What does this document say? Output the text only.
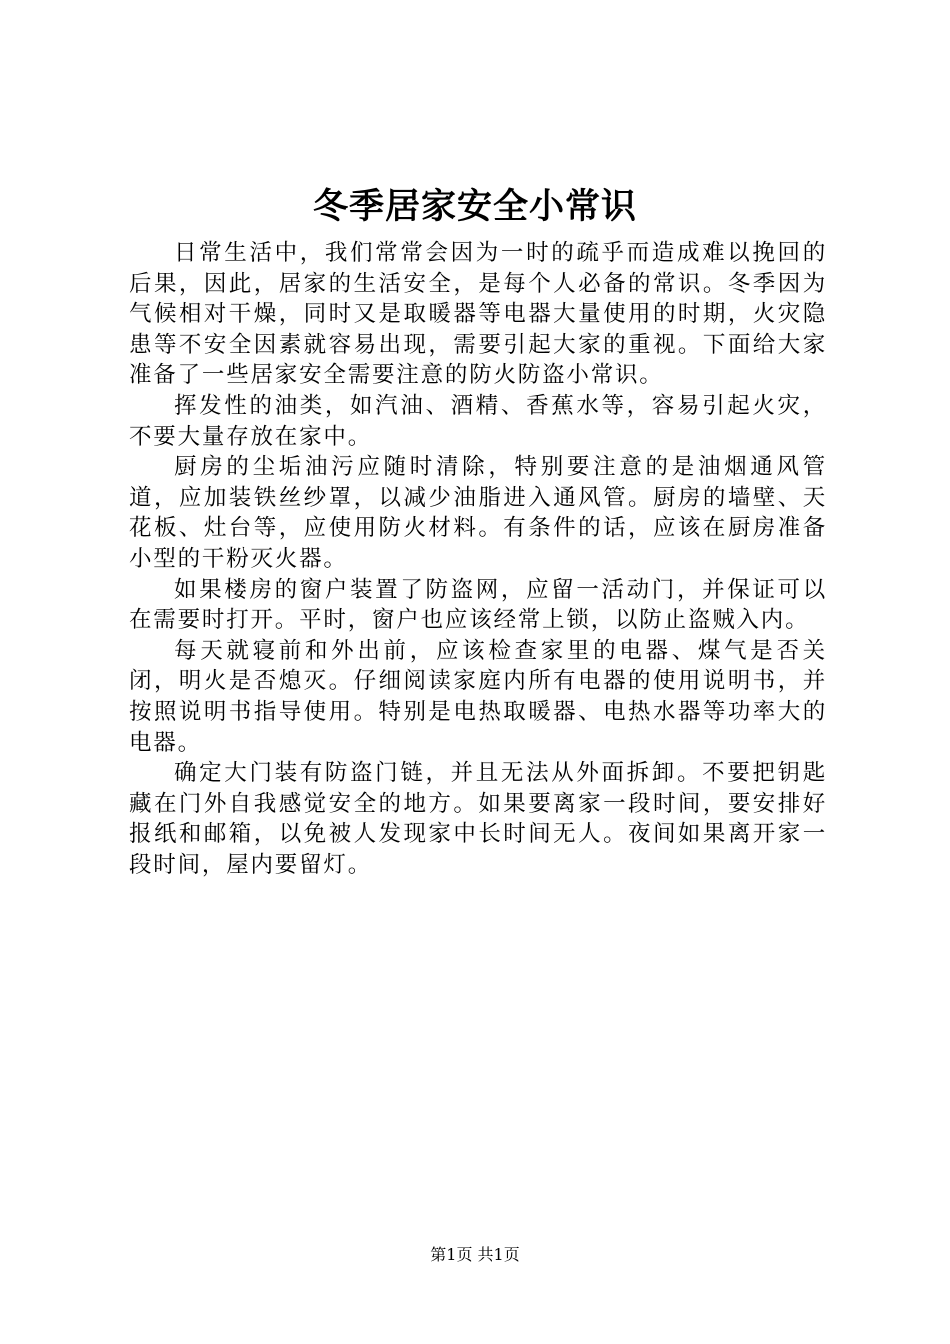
冬季居家安全小常识

日常生活中，我们常常会因为一时的疏乎而造成难以挽回的后果，因此，居家的生活安全，是每个人必备的常识。冬季因为气候相对干燥，同时又是取暖器等电器大量使用的时期，火灾隐患等不安全因素就容易出现，需要引起大家的重视。下面给大家准备了一些居家安全需要注意的防火防盗小常识。

挥发性的油类，如汽油、酒精、香蕉水等，容易引起火灾，不要大量存放在家中。

厨房的尘垢油污应随时清除，特别要注意的是油烟通风管道，应加装铁丝纱罩，以减少油脂进入通风管。厨房的墙壁、天花板、灶台等，应使用防火材料。有条件的话，应该在厨房准备小型的干粉灭火器。

如果楼房的窗户装置了防盗网，应留一活动门，并保证可以在需要时打开。平时，窗户也应该经常上锁，以防止盗贼入内。

每天就寝前和外出前，应该检查家里的电器、煤气是否关闭，明火是否熄灭。仔细阅读家庭内所有电器的使用说明书，并按照说明书指导使用。特别是电热取暖器、电热水器等功率大的电器。

确定大门装有防盗门链，并且无法从外面拆卸。不要把钥匙藏在门外自我感觉安全的地方。如果要离家一段时间，要安排好报纸和邮箱，以免被人发现家中长时间无人。夜间如果离开家一段时间，屋内要留灯。

第1页 共1页
